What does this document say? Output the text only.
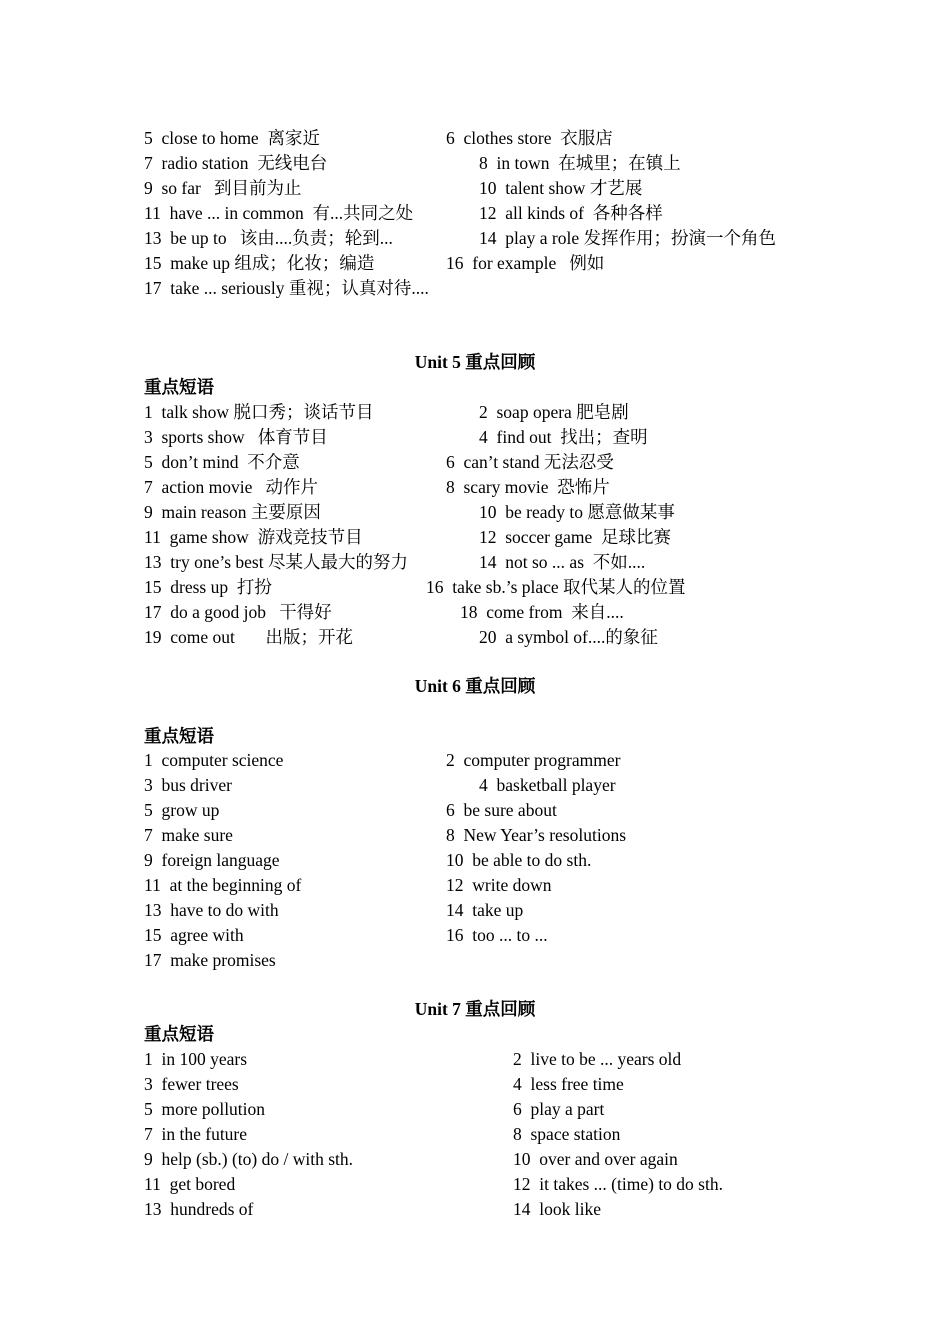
5  close to home  离家近	6  clothes store  衣服店
7  radio station  无线电台	8  in town  在城里；在镇上
9  so far   到目前为止	10  talent show 才艺展
11  have ... in common  有...共同之处	12  all kinds of  各种各样
13  be up to   该由....负责；轮到...	14  play a role 发挥作用；扮演一个角色
15  make up 组成；化妆；编造	16  for example   例如
17  take ... seriously 重视；认真对待....
Unit 5 重点回顾
重点短语
1  talk show 脱口秀；谈话节目	2  soap opera 肥皂剧
3  sports show   体育节目	4  find out  找出；查明
5  don’t mind  不介意	6  can’t stand 无法忍受
7  action movie   动作片	8  scary movie  恐怖片
9  main reason 主要原因	10  be ready to 愿意做某事
11  game show  游戏竞技节目	12  soccer game  足球比赛
13  try one’s best 尽某人最大的努力	14  not so ... as  不如....
15  dress up  打扮	16  take sb.’s place 取代某人的位置
17  do a good job   干得好	18  come from  来自....
19  come out       出版；开花	20  a symbol of....的象征
Unit 6 重点回顾
重点短语
1  computer science	2  computer programmer
3  bus driver	4  basketball player
5  grow up	6  be sure about
7  make sure	8  New Year’s resolutions
9  foreign language	10  be able to do sth.
11  at the beginning of	12  write down
13  have to do with	14  take up
15  agree with	16  too ... to ...
17  make promises
Unit 7 重点回顾
重点短语
1  in 100 years	2  live to be ... years old
3  fewer trees	4  less free time
5  more pollution	6  play a part
7  in the future	8  space station
9  help (sb.) (to) do / with sth.	10  over and over again
11  get bored	12  it takes ... (time) to do sth.
13  hundreds of	14  look like
